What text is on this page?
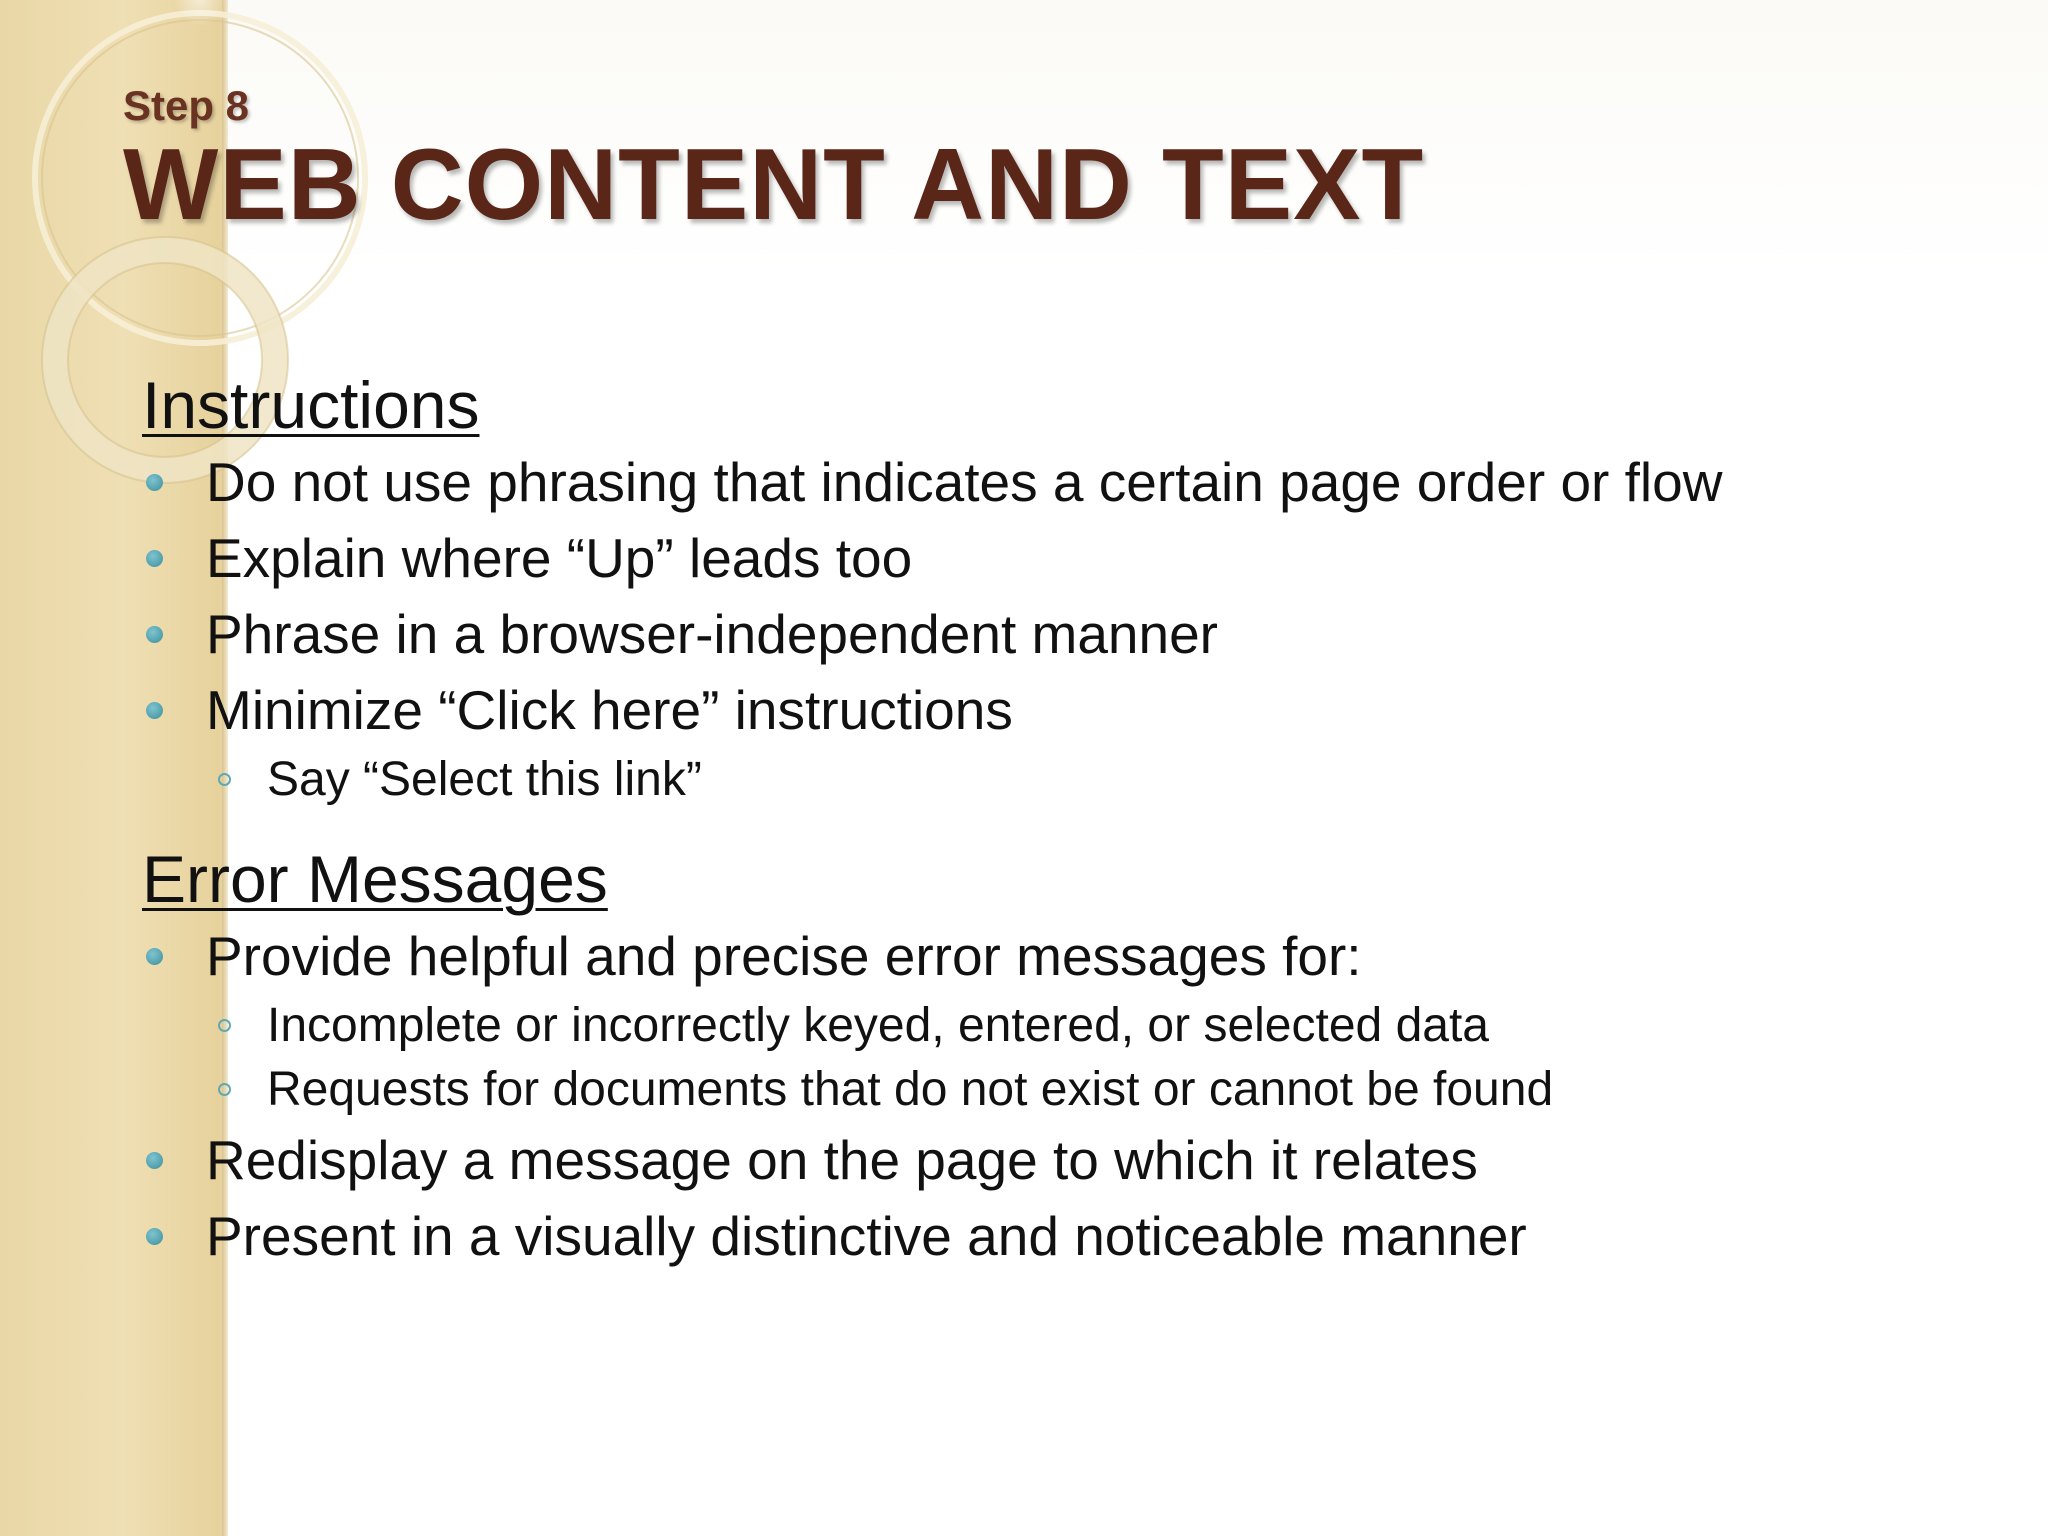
Step 8
WEB CONTENT AND TEXT
Instructions
Do not use phrasing that indicates a certain page order or flow
Explain where “Up” leads too
Phrase in a browser-independent manner
Minimize “Click here” instructions
Say “Select this link”
Error Messages
Provide helpful and precise error messages for:
Incomplete or incorrectly keyed, entered, or selected data
Requests for documents that do not exist or cannot be found
Redisplay a message on the page to which it relates
Present in a visually distinctive and noticeable manner
